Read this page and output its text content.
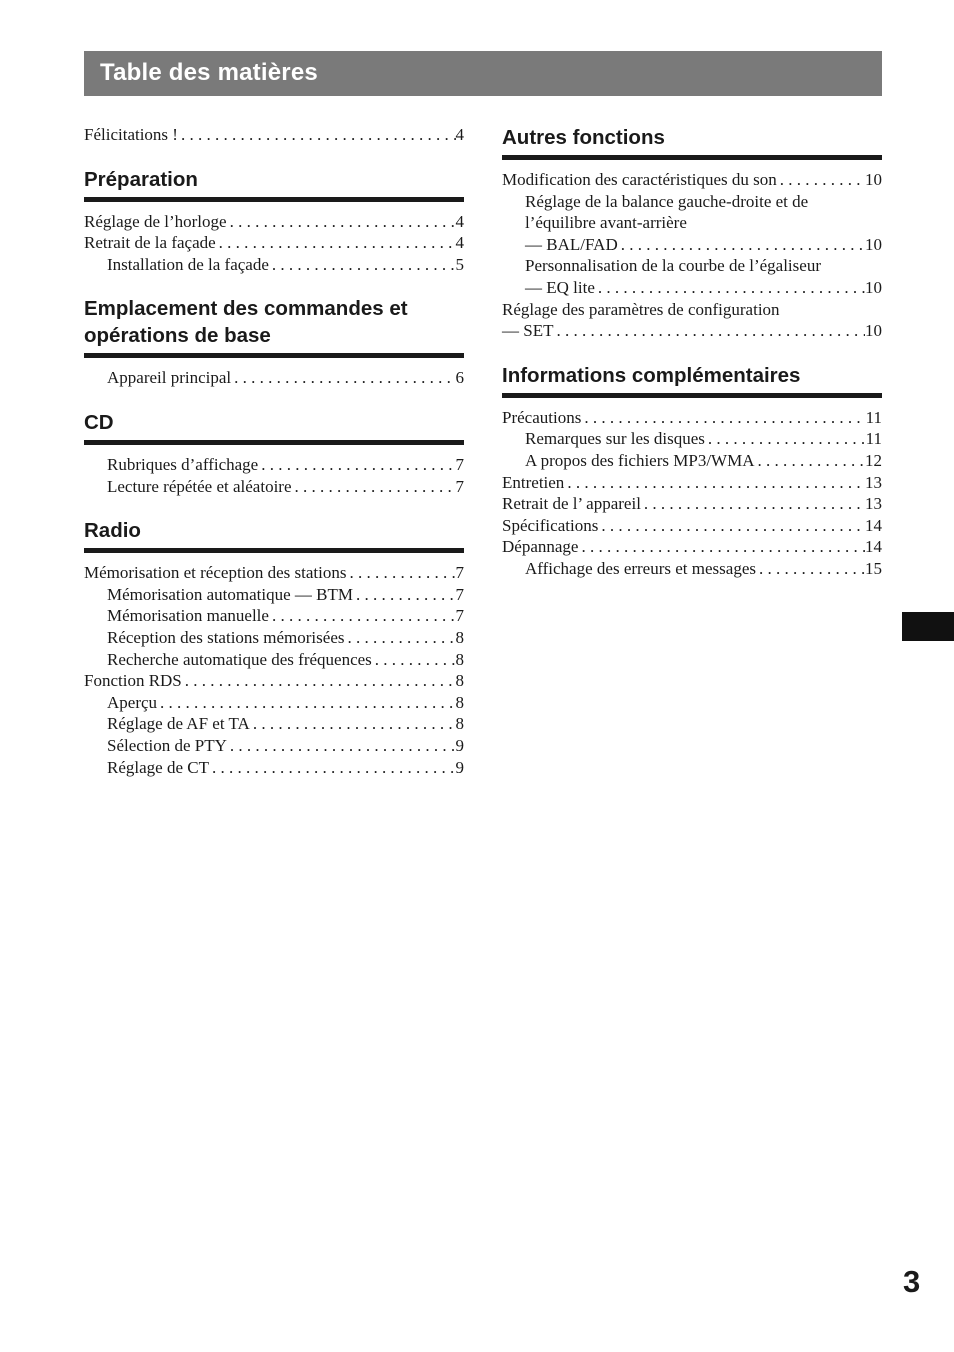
Table des matières
Félicitations ! . . .	4
Préparation
Réglage de l’horloge . . .	4
Retrait de la façade . . .	4
Installation de la façade . . .	5
Emplacement des commandes et opérations de base
Appareil principal . . .	6
CD
Rubriques d’affichage . . .	7
Lecture répétée et aléatoire . . .	7
Radio
Mémorisation et réception des stations . . .	7
Mémorisation automatique — BTM . . .	7
Mémorisation manuelle . . .	7
Réception des stations mémorisées . . .	8
Recherche automatique des fréquences . . .	8
Fonction RDS . . .	8
Aperçu . . .	8
Réglage de AF et TA . . .	8
Sélection de PTY . . .	9
Réglage de CT . . .	9
Autres fonctions
Modification des caractéristiques du son . . .	10
Réglage de la balance gauche-droite et de
l’équilibre avant-arrière
— BAL/FAD . . .	10
Personnalisation de la courbe de l’égaliseur
— EQ lite . . .	10
Réglage des paramètres de configuration
— SET . . .	10
Informations complémentaires
Précautions . . .	11
Remarques sur les disques . . .	11
A propos des fichiers MP3/WMA . . .	12
Entretien . . .	13
Retrait de l’ appareil . . .	13
Spécifications . . .	14
Dépannage . . .	14
Affichage des erreurs et messages . . .	15
3
